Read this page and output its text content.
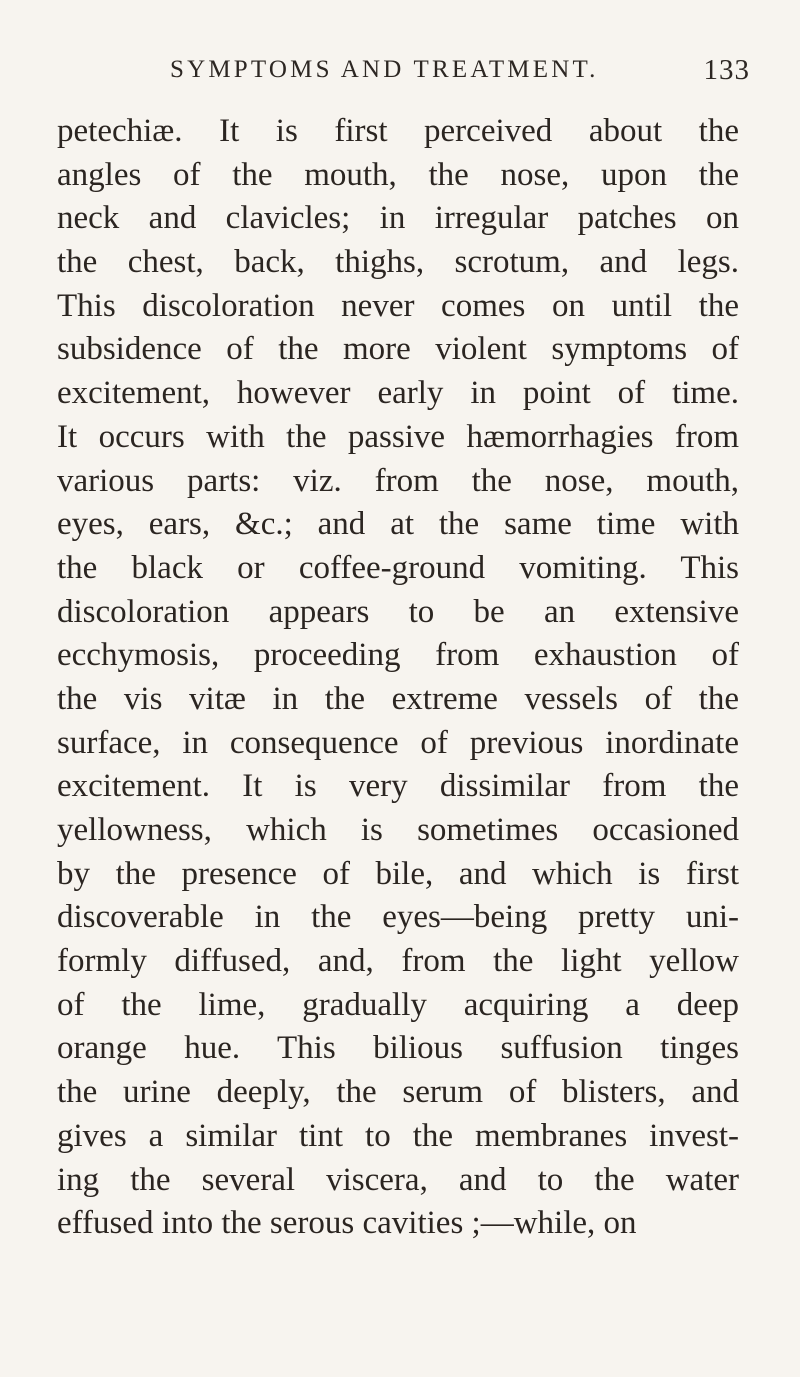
SYMPTOMS AND TREATMENT.	133
petechiæ. It is first perceived about the
angles of the mouth, the nose, upon the
neck and clavicles; in irregular patches on
the chest, back, thighs, scrotum, and legs.
This discoloration never comes on until the
subsidence of the more violent symptoms of
excitement, however early in point of time.
It occurs with the passive hæmorrhagies from
various parts: viz. from the nose, mouth,
eyes, ears, &c.; and at the same time with
the black or coffee-ground vomiting. This
discoloration appears to be an extensive
ecchymosis, proceeding from exhaustion of
the vis vitæ in the extreme vessels of the
surface, in consequence of previous inordinate
excitement. It is very dissimilar from the
yellowness, which is sometimes occasioned
by the presence of bile, and which is first
discoverable in the eyes—being pretty uni-
formly diffused, and, from the light yellow
of the lime, gradually acquiring a deep
orange hue. This bilious suffusion tinges
the urine deeply, the serum of blisters, and
gives a similar tint to the membranes invest-
ing the several viscera, and to the water
effused into the serous cavities ;—while, on
